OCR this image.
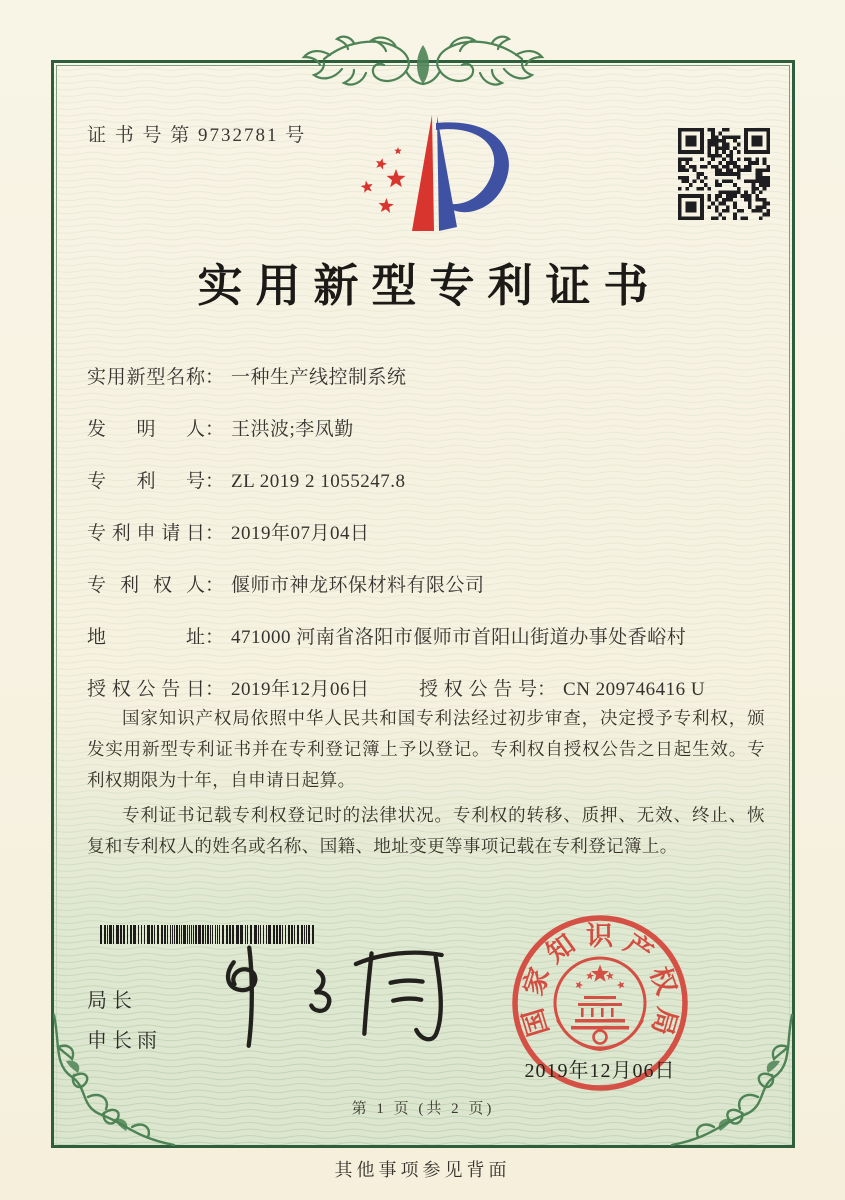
证 书 号 第 9732781 号
实用新型专利证书
实用新型名称： 一种生产线控制系统
发明人： 王洪波;李凤勤
专利号： ZL 2019 2 1055247.8
专利申请日： 2019年07月04日
专利权人： 偃师市神龙环保材料有限公司
地址： 471000 河南省洛阳市偃师市首阳山街道办事处香峪村
授权公告日： 2019年12月06日	授权公告号： CN 209746416 U

国家知识产权局依照中华人民共和国专利法经过初步审查，决定授予专利权，颁发实用新型专利证书并在专利登记簿上予以登记。专利权自授权公告之日起生效。专利权期限为十年，自申请日起算。

专利证书记载专利权登记时的法律状况。专利权的转移、质押、无效、终止、恢复和专利权人的姓名或名称、国籍、地址变更等事项记载在专利登记簿上。

局长
申长雨
国家知识产权局
2019年12月06日
第 1 页 (共 2 页)
其他事项参见背面
